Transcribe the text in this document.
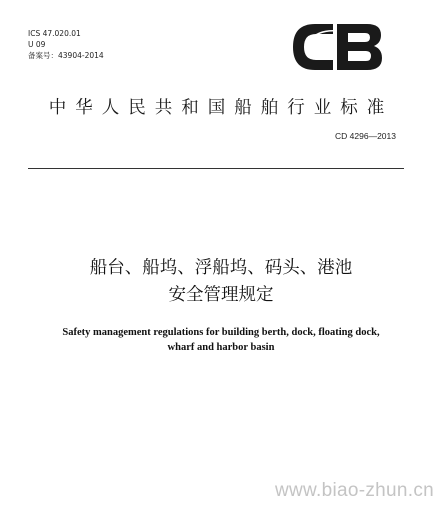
ICS 47.020.01
U 09
备案号：43904-2014
中华人民共和国船舶行业标准
CD 4296—2013
船台、船坞、浮船坞、码头、港池
安全管理规定
Safety management regulations for building berth, dock, floating dock,
wharf and harbor basin
www.biao-zhun.cn
